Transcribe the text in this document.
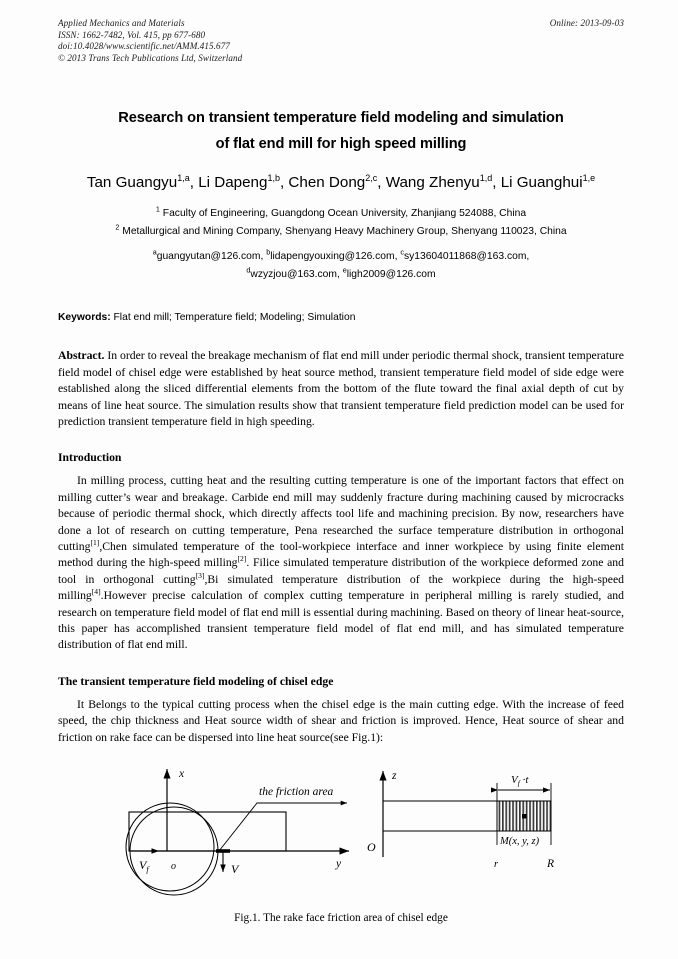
Online: 2013-09-03
Applied Mechanics and Materials
ISSN: 1662-7482, Vol. 415, pp 677-680
doi:10.4028/www.scientific.net/AMM.415.677
© 2013 Trans Tech Publications Ltd, Switzerland
Research on transient temperature field modeling and simulation
of flat end mill for high speed milling
Tan Guangyu$^{1,a}$, Li Dapeng$^{1,b}$, Chen Dong$^{2,c}$, Wang Zhenyu$^{1,d}$, Li Guanghui$^{1,e}$
$^1$ Faculty of Engineering, Guangdong Ocean University, Zhanjiang 524088, China
$^2$ Metallurgical and Mining Company, Shenyang Heavy Machinery Group, Shenyang 110023, China
$^a$guangyutan@126.com, $^b$lidapengyouxing@126.com, $^c$sy13604011868@163.com,
$^d$wzyzjou@163.com, $^e$ligh2009@126.com
Keywords: Flat end mill; Temperature field; Modeling; Simulation
Abstract. In order to reveal the breakage mechanism of flat end mill under periodic thermal shock, transient temperature field model of chisel edge were established by heat source method, transient temperature field model of side edge were established along the sliced differential elements from the bottom of the flute toward the final axial depth of cut by means of line heat source. The simulation results show that transient temperature field prediction model can be used for prediction transient temperature field in high speeding.
Introduction
In milling process, cutting heat and the resulting cutting temperature is one of the important factors that effect on milling cutter’s wear and breakage. Carbide end mill may suddenly fracture during machining caused by microcracks because of periodic thermal shock, which directly affects tool life and machining precision. By now, researchers have done a lot of research on cutting temperature, Pena researched the surface temperature distribution in orthogonal cutting[1],Chen simulated temperature of the tool-workpiece interface and inner workpiece by using finite element method during the high-speed milling[2]. Filice simulated temperature distribution of the workpiece deformed zone and tool in orthogonal cutting[3],Bi simulated temperature distribution of the workpiece during the high-speed milling[4].However precise calculation of complex cutting temperature in peripheral milling is rarely studied, and research on temperature field model of flat end mill is essential during machining. Based on theory of linear heat-source, this paper has accomplished transient temperature field model of flat end mill, and has simulated temperature distribution of flat end mill.
The transient temperature field modeling of chisel edge
It Belongs to the typical cutting process when the chisel edge is the main cutting edge. With the increase of feed speed, the chip thickness and Heat source width of shear and friction is improved. Hence, Heat source of shear and friction on rake face can be dispersed into line heat source(see Fig.1):
x
y
o
$V_f$	V
the friction area
z
O
$V_f \cdot t$
M(x, y, z)
r	R
Fig.1. The rake face friction area of chisel edge
